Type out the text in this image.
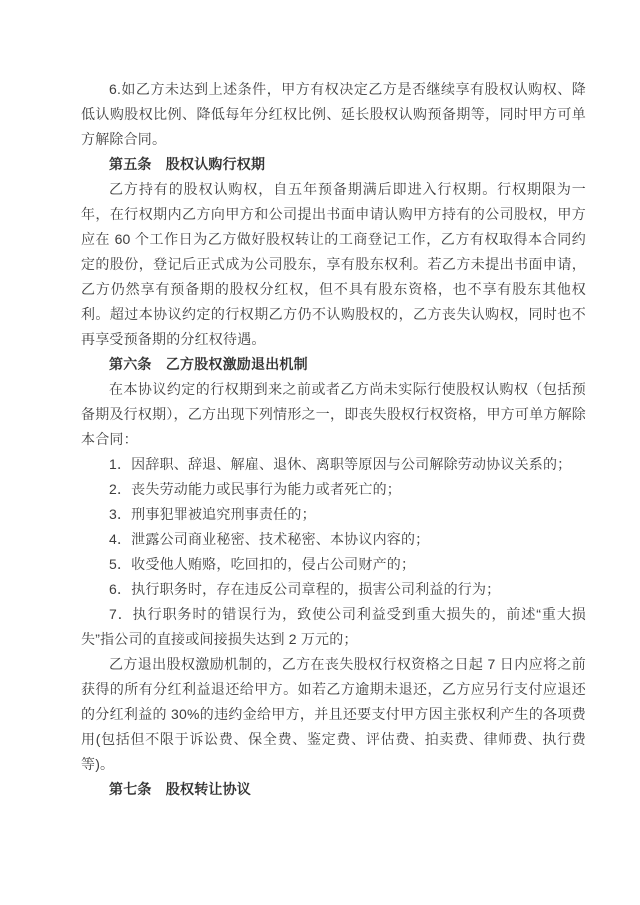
6.如乙方未达到上述条件，甲方有权决定乙方是否继续享有股权认购权、降低认购股权比例、降低每年分红权比例、延长股权认购预备期等，同时甲方可单方解除合同。

第五条　股权认购行权期

乙方持有的股权认购权，自五年预备期满后即进入行权期。行权期限为一年，在行权期内乙方向甲方和公司提出书面申请认购甲方持有的公司股权，甲方应在 60 个工作日为乙方做好股权转让的工商登记工作，乙方有权取得本合同约定的股份，登记后正式成为公司股东，享有股东权利。若乙方未提出书面申请，乙方仍然享有预备期的股权分红权，但不具有股东资格，也不享有股东其他权利。超过本协议约定的行权期乙方仍不认购股权的，乙方丧失认购权，同时也不再享受预备期的分红权待遇。

第六条　乙方股权激励退出机制

在本协议约定的行权期到来之前或者乙方尚未实际行使股权认购权（包括预备期及行权期），乙方出现下列情形之一，即丧失股权行权资格，甲方可单方解除本合同：

1．因辞职、辞退、解雇、退休、离职等原因与公司解除劳动协议关系的；

2．丧失劳动能力或民事行为能力或者死亡的；

3．刑事犯罪被追究刑事责任的；

4．泄露公司商业秘密、技术秘密、本协议内容的；

5．收受他人贿赂，吃回扣的，侵占公司财产的；

6．执行职务时，存在违反公司章程的，损害公司利益的行为；

7．执行职务时的错误行为，致使公司利益受到重大损失的，前述“重大损失”指公司的直接或间接损失达到 2 万元的；

乙方退出股权激励机制的，乙方在丧失股权行权资格之日起 7 日内应将之前获得的所有分红利益退还给甲方。如若乙方逾期未退还，乙方应另行支付应退还的分红利益的 30%的违约金给甲方，并且还要支付甲方因主张权利产生的各项费用(包括但不限于诉讼费、保全费、鉴定费、评估费、拍卖费、律师费、执行费等)。

第七条　股权转让协议
